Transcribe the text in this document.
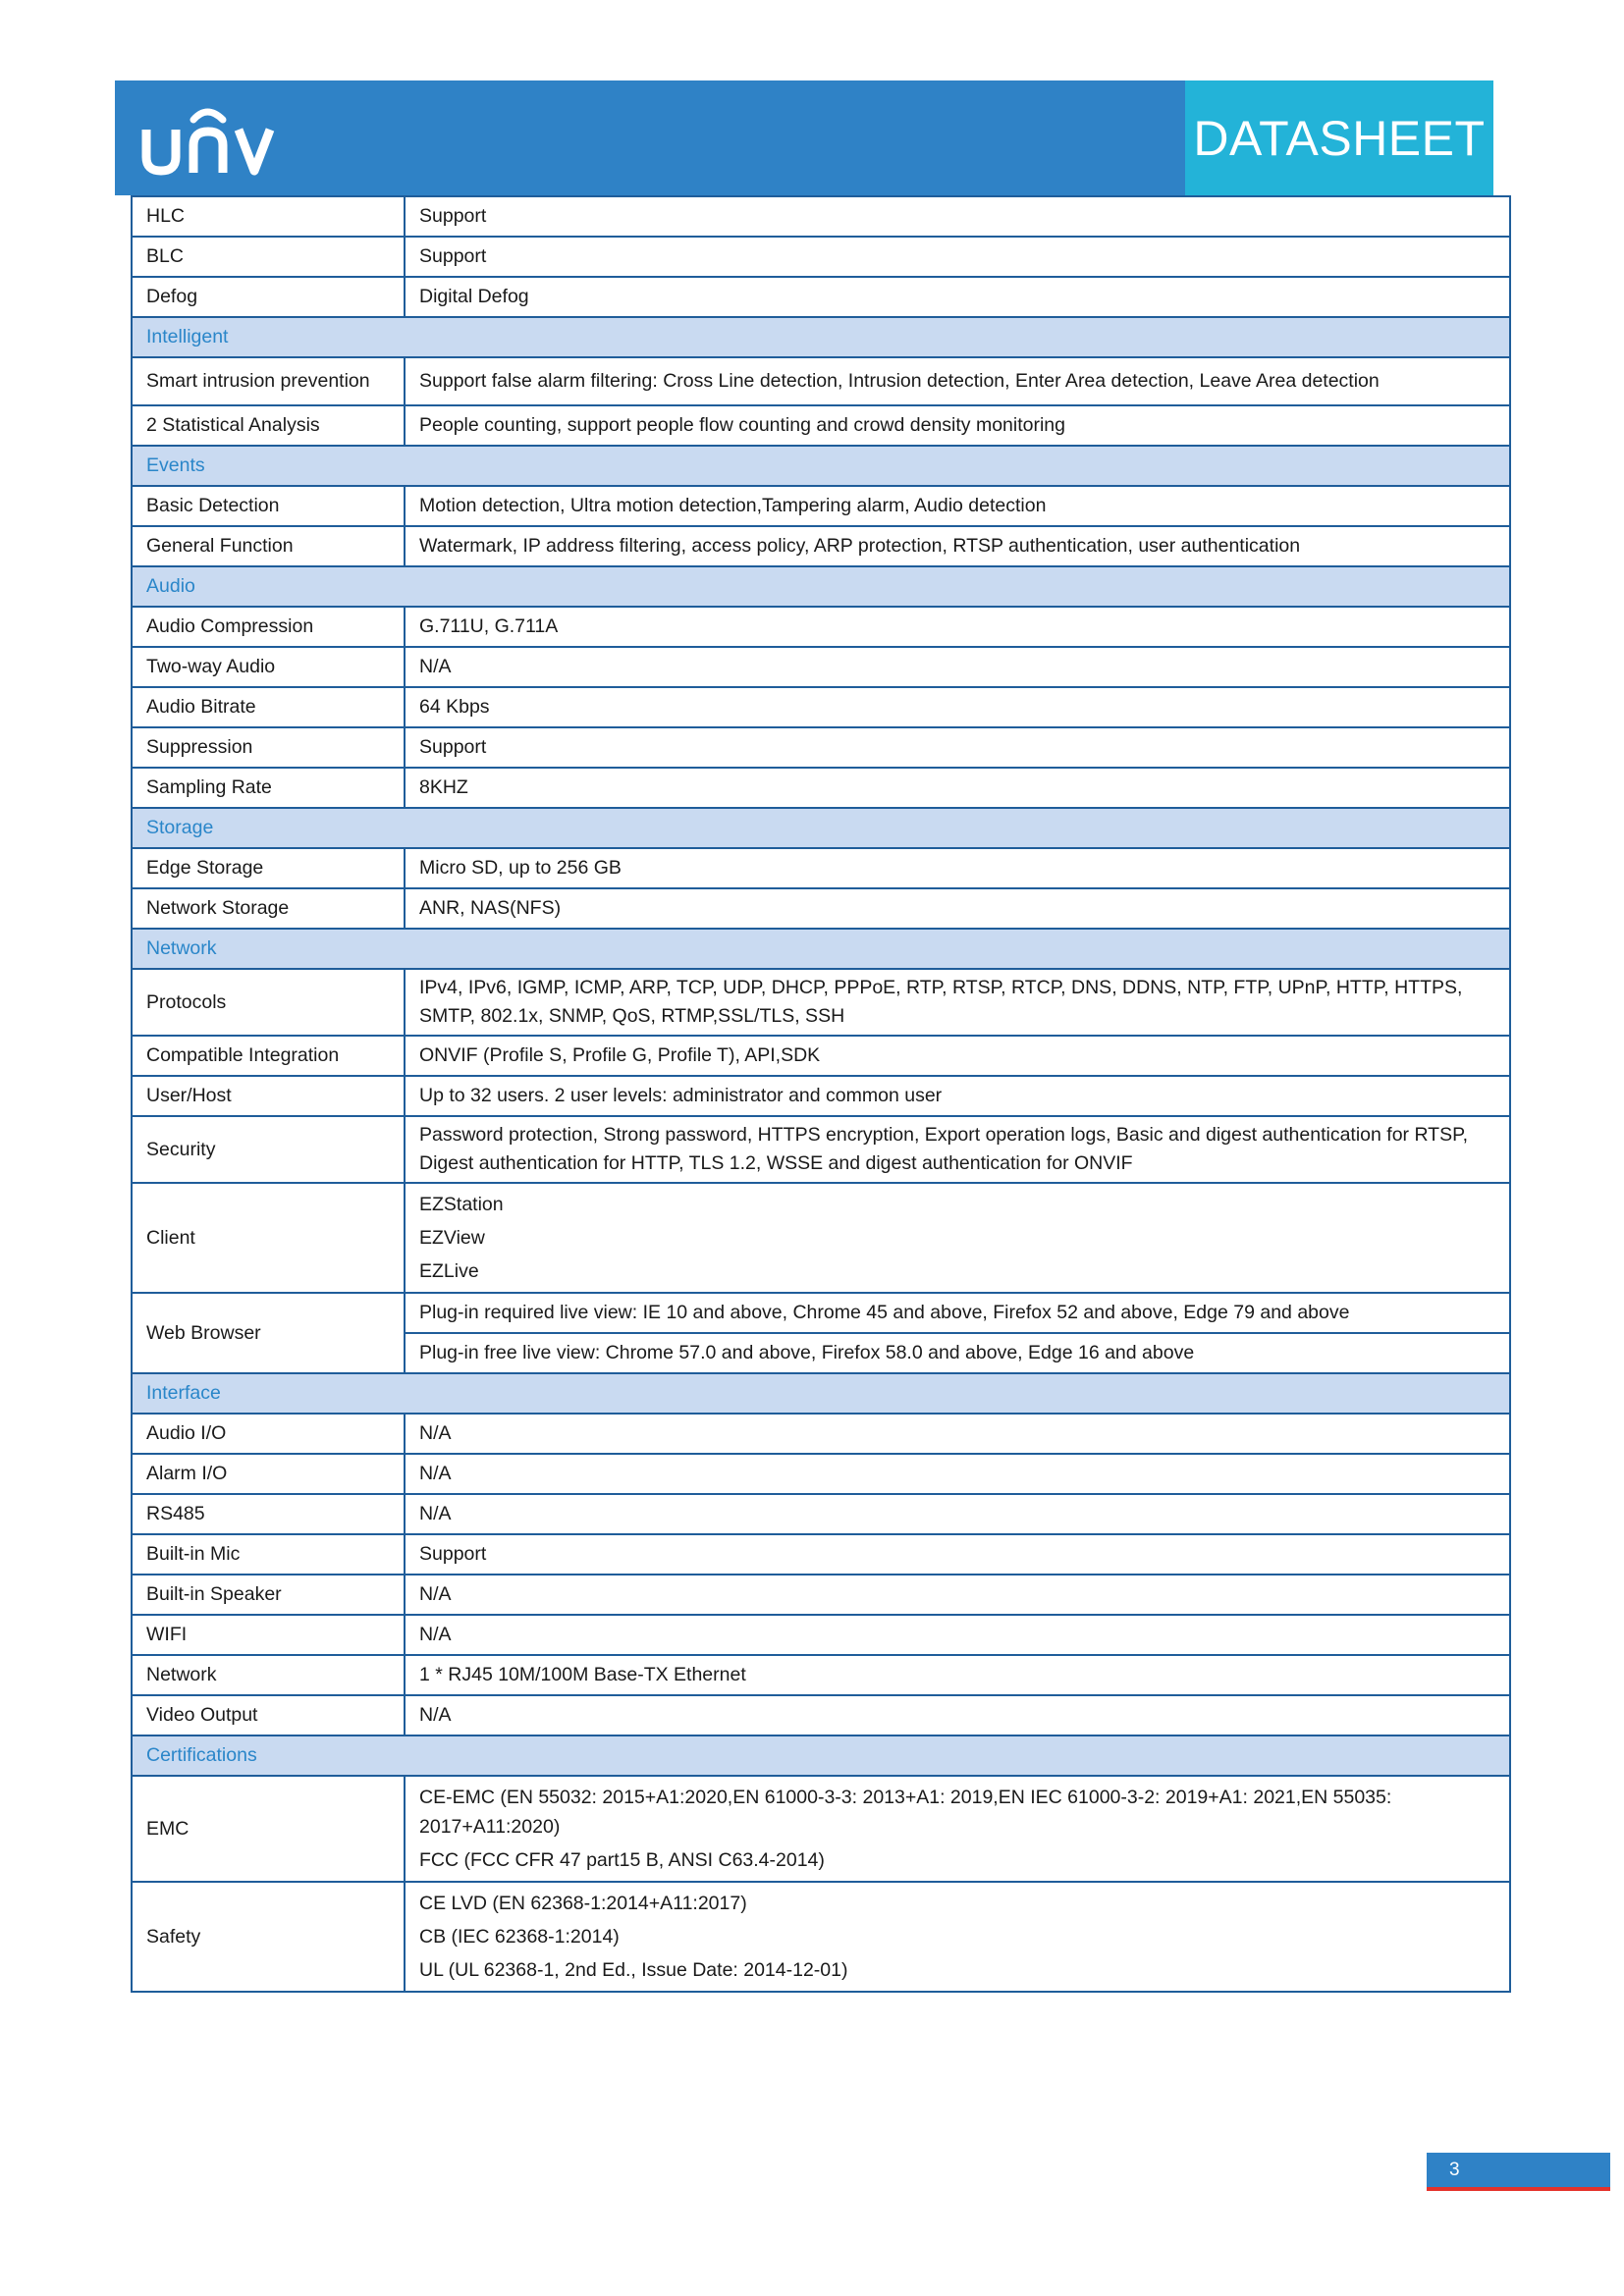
DATASHEET
HLC	Support
BLC	Support
Defog	Digital Defog
Intelligent	
Smart intrusion prevention	Support false alarm filtering: Cross Line detection, Intrusion detection, Enter Area detection, Leave Area detection
2 Statistical Analysis	People counting, support people flow counting and crowd density monitoring
Events	
Basic Detection	Motion detection, Ultra motion detection,Tampering alarm, Audio detection
General Function	Watermark, IP address filtering, access policy, ARP protection, RTSP authentication, user authentication
Audio	
Audio Compression	G.711U, G.711A
Two-way Audio	N/A
Audio Bitrate	64 Kbps
Suppression	Support
Sampling Rate	8KHZ
Storage	
Edge Storage	Micro SD, up to 256 GB
Network Storage	ANR, NAS(NFS)
Network	
Protocols	IPv4, IPv6, IGMP, ICMP, ARP, TCP, UDP, DHCP, PPPoE, RTP, RTSP, RTCP, DNS, DDNS, NTP, FTP, UPnP, HTTP, HTTPS, SMTP, 802.1x, SNMP, QoS, RTMP,SSL/TLS, SSH
Compatible Integration	ONVIF (Profile S, Profile G, Profile T), API,SDK
User/Host	Up to 32 users. 2 user levels: administrator and common user
Security	Password protection, Strong password, HTTPS encryption, Export operation logs, Basic and digest authentication for RTSP, Digest authentication for HTTP, TLS 1.2, WSSE and digest authentication for ONVIF
Client	EZStation
EZView
EZLive

Web Browser	Plug-in required live view: IE 10 and above, Chrome 45 and above, Firefox 52 and above, Edge 79 and above
	Plug-in free live view: Chrome 57.0 and above, Firefox 58.0 and above, Edge 16 and above
Interface	
Audio I/O	N/A
Alarm I/O	N/A
RS485	N/A
Built-in Mic	Support
Built-in Speaker	N/A
WIFI	N/A
Network	1 * RJ45 10M/100M Base-TX Ethernet
Video Output	N/A
Certifications	
EMC	CE-EMC (EN 55032: 2015+A1:2020,EN 61000-3-3: 2013+A1: 2019,EN IEC 61000-3-2: 2019+A1: 2021,EN 55035: 2017+A11:2020)
FCC (FCC CFR 47 part15 B, ANSI C63.4-2014)

Safety	CE LVD (EN 62368-1:2014+A11:2017)
CB (IEC 62368-1:2014)
UL (UL 62368-1, 2nd Ed., Issue Date: 2014-12-01)
3
